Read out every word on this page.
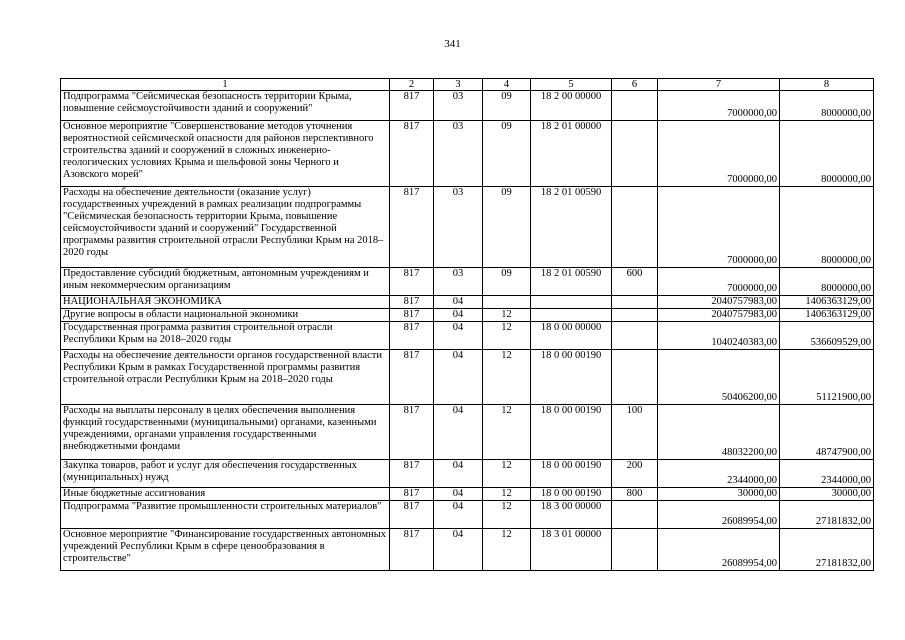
341
1	2	3	4	5	6	7	8
Подпрограмма "Сейсмическая безопасность территории Крыма, повышение сейсмоустойчивости зданий и сооружений"	817	03	09	18 2 00 00000		7000000,00	8000000,00
Основное мероприятие "Совершенствование методов уточнения вероятностной сейсмической опасности для районов перспективного строительства зданий и сооружений в сложных инженерно-геологических условиях Крыма и шельфовой зоны Черного и Азовского морей"	817	03	09	18 2 01 00000		7000000,00	8000000,00
Расходы на обеспечение деятельности (оказание услуг) государственных учреждений в рамках реализации подпрограммы "Сейсмическая безопасность территории Крыма, повышение сейсмоустойчивости зданий и сооружений" Государственной программы развития строительной отрасли Республики Крым на 2018–2020 годы	817	03	09	18 2 01 00590		7000000,00	8000000,00
Предоставление субсидий бюджетным, автономным учреждениям и иным некоммерческим организациям	817	03	09	18 2 01 00590	600	7000000,00	8000000,00
НАЦИОНАЛЬНАЯ ЭКОНОМИКА	817	04				2040757983,00	1406363129,00
Другие вопросы в области национальной экономики	817	04	12			2040757983,00	1406363129,00
Государственная программа развития строительной отрасли Республики Крым на 2018–2020 годы	817	04	12	18 0 00 00000		1040240383,00	536609529,00
Расходы на обеспечение деятельности органов государственной власти Республики Крым в рамках Государственной программы развития строительной отрасли Республики Крым на 2018–2020 годы	817	04	12	18 0 00 00190		50406200,00	51121900,00
Расходы на выплаты персоналу в целях обеспечения выполнения функций государственными (муниципальными) органами, казенными учреждениями, органами управления государственными внебюджетными фондами	817	04	12	18 0 00 00190	100	48032200,00	48747900,00
Закупка товаров, работ и услуг для обеспечения государственных (муниципальных) нужд	817	04	12	18 0 00 00190	200	2344000,00	2344000,00
Иные бюджетные ассигнования	817	04	12	18 0 00 00190	800	30000,00	30000,00
Подпрограмма "Развитие промышленности строительных материалов"	817	04	12	18 3 00 00000		26089954,00	27181832,00
Основное мероприятие "Финансирование государственных автономных учреждений Республики Крым в сфере ценообразования в строительстве"	817	04	12	18 3 01 00000		26089954,00	27181832,00
